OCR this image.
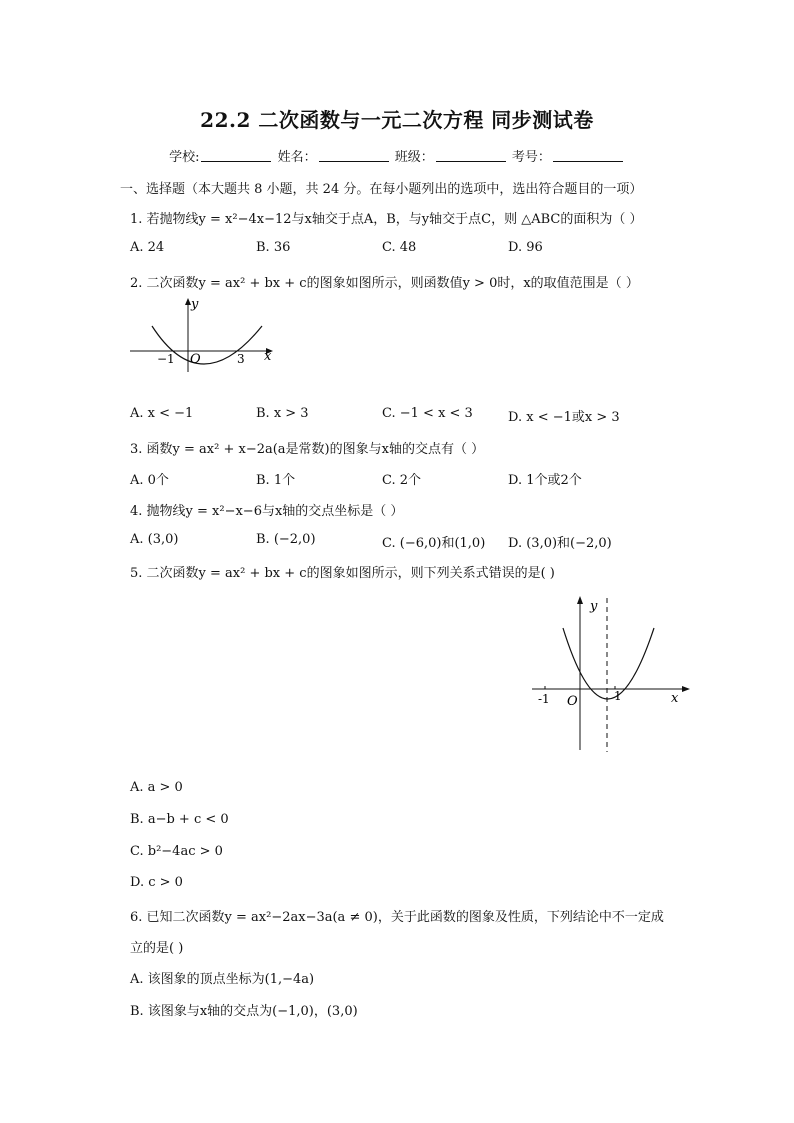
22.2 二次函数与一元二次方程 同步测试卷
学校:	姓名：	班级：	考号：
一、选择题（本大题共 8 小题，共 24 分。在每小题列出的选项中，选出符合题目的一项）
1. 若抛物线y = x²−4x−12与x轴交于点A，B，与y轴交于点C，则 △ABC的面积为（ ）
A. 24	B. 36	C. 48	D. 96
2. 二次函数y = ax² + bx + c的图象如图所示，则函数值y > 0时，x的取值范围是（ ）
y
x
O
−1	3
A. x < −1	B. x > 3	C. −1 < x < 3	D. x < −1或x > 3
3. 函数y = ax² + x−2a(a是常数)的图象与x轴的交点有（ ）
A. 0个	B. 1个	C. 2个	D. 1个或2个
4. 抛物线y = x²−x−6与x轴的交点坐标是（ ）
A. (3,0)	B. (−2,0)	C. (−6,0)和(1,0) D. (3,0)和(−2,0)
5. 二次函数y = ax² + bx + c的图象如图所示，则下列关系式错误的是( )
y
x
O
-1	1
A. a > 0
B. a−b + c < 0
C. b²−4ac > 0
D. c > 0
6. 已知二次函数y = ax²−2ax−3a(a ≠ 0)，关于此函数的图象及性质，下列结论中不一定成
立的是( )
A. 该图象的顶点坐标为(1,−4a)
B. 该图象与x轴的交点为(−1,0)，(3,0)
